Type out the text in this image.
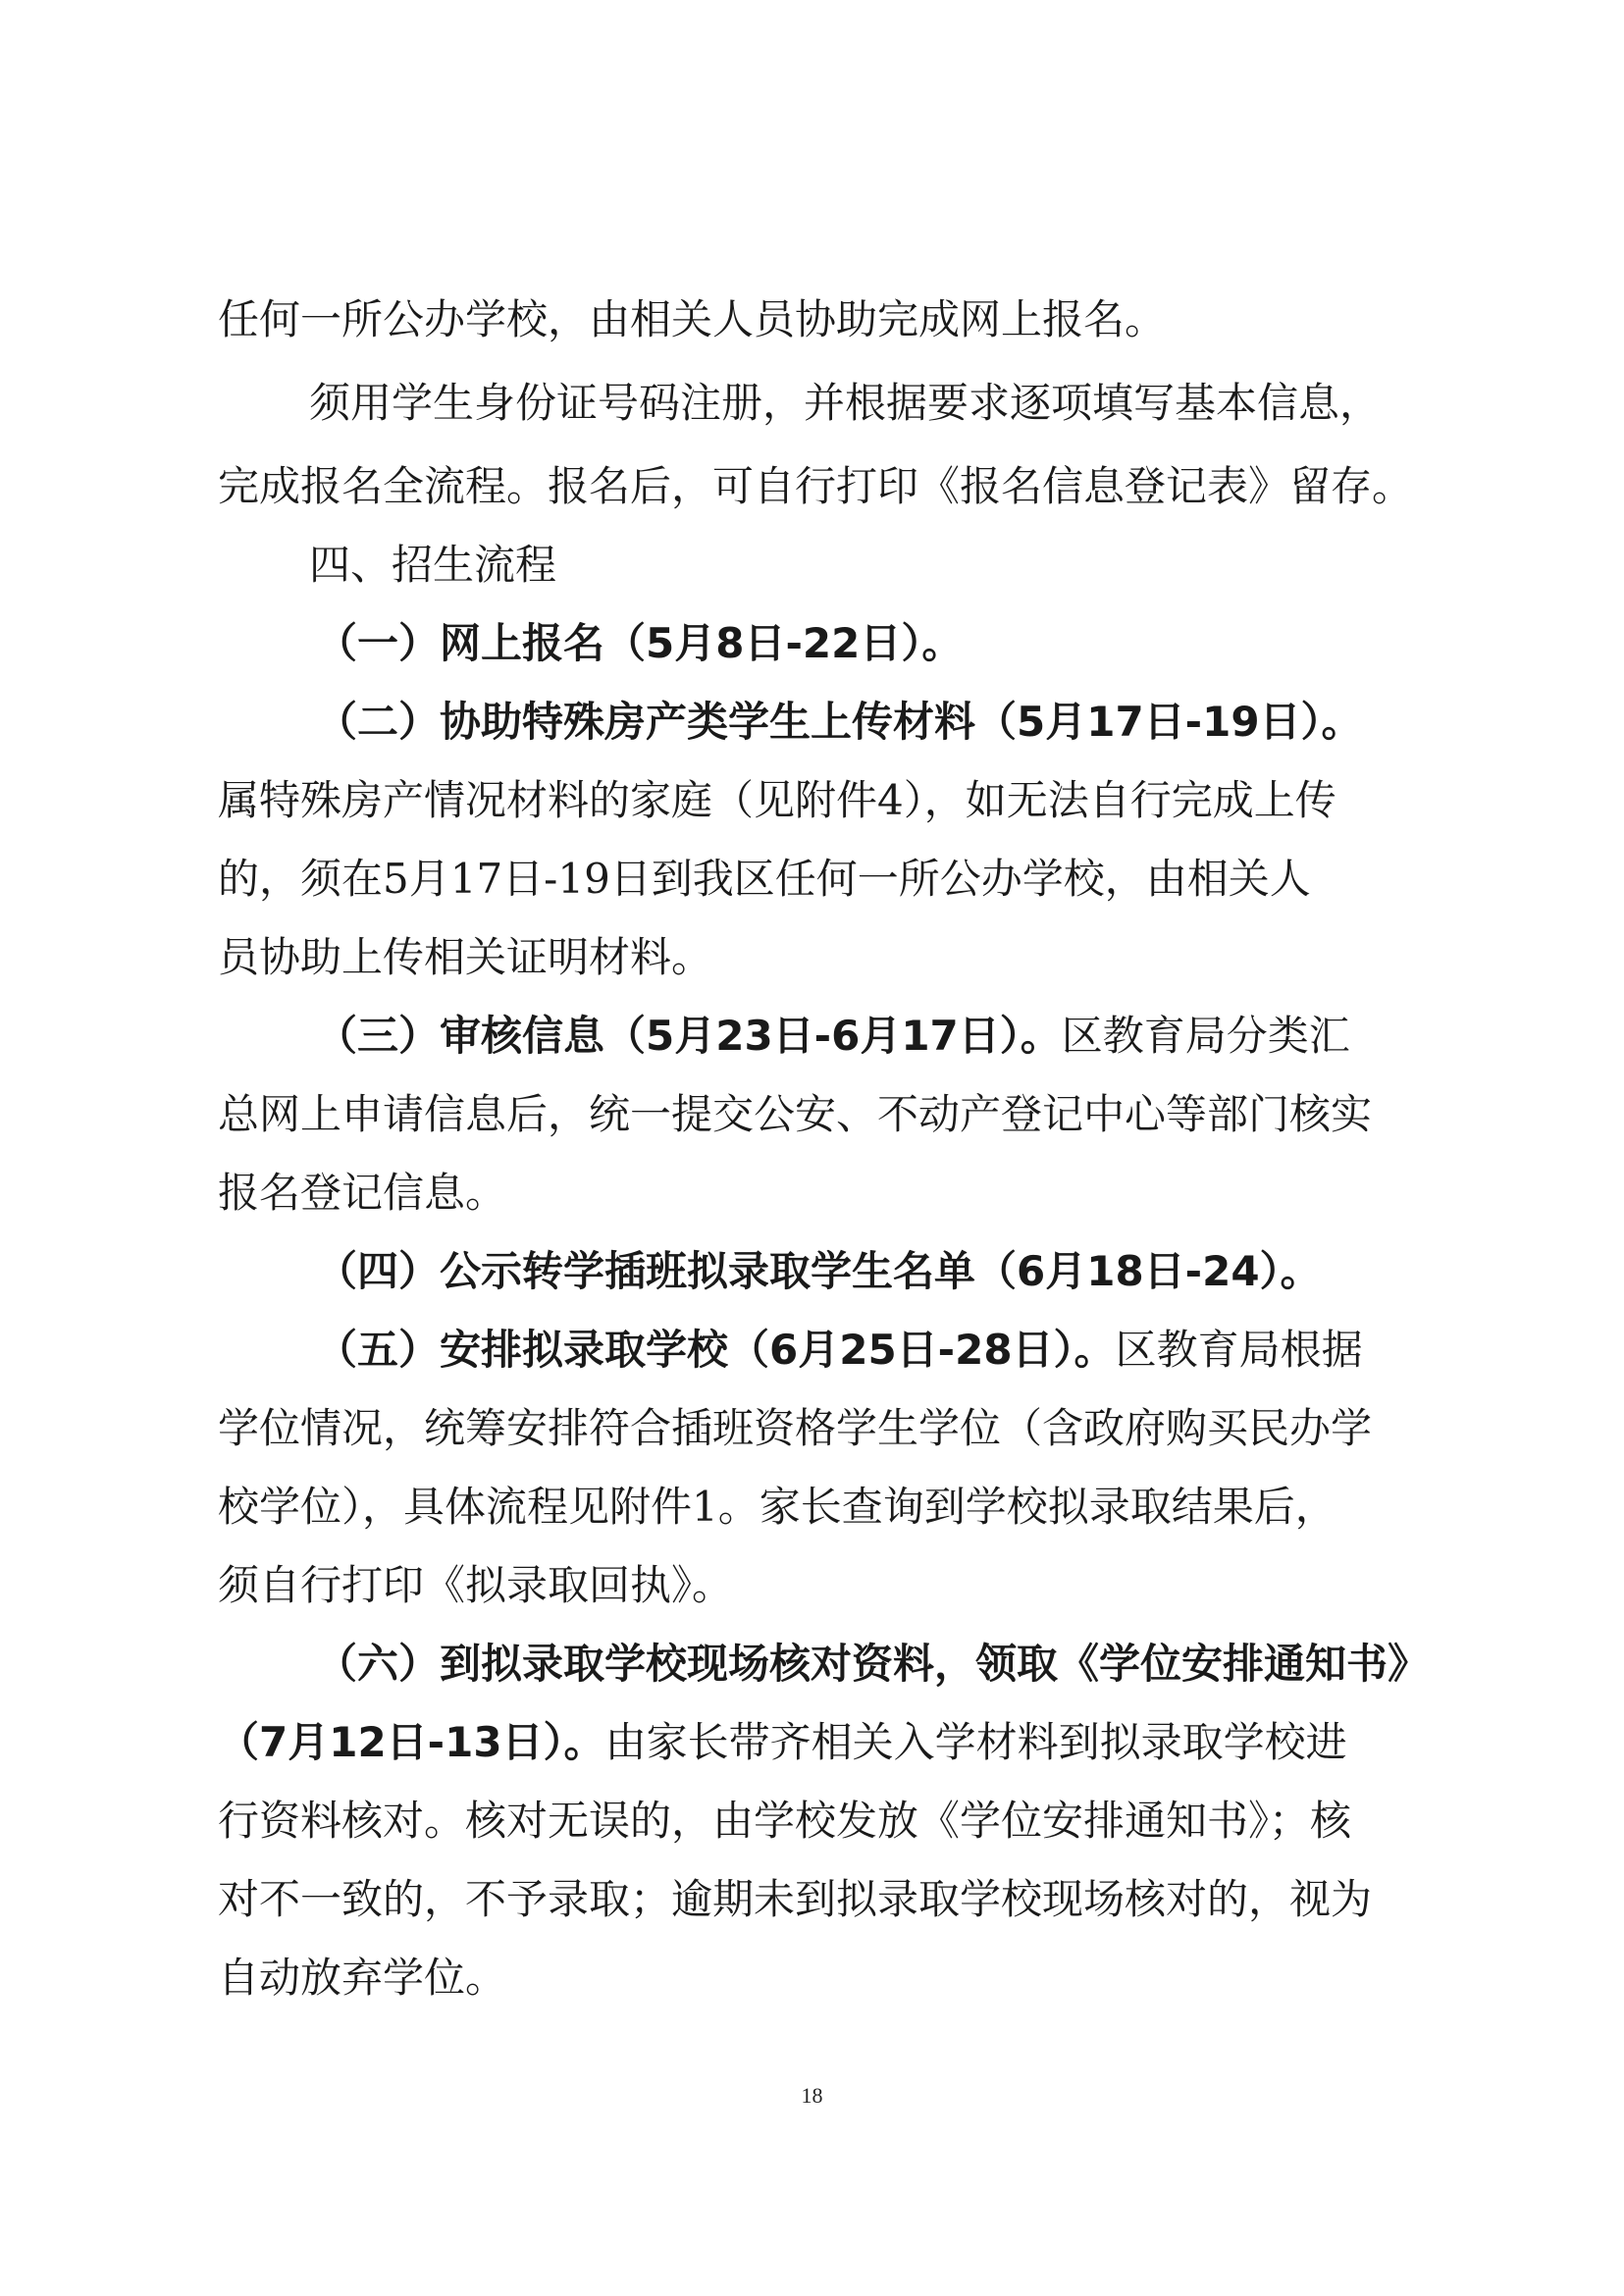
任何一所公办学校，由相关人员协助完成网上报名。
须用学生身份证号码注册，并根据要求逐项填写基本信息，
完成报名全流程。报名后，可自行打印《报名信息登记表》留存。
四、招生流程
（一）网上报名（5月8日-22日）。
（二）协助特殊房产类学生上传材料（5月17日-19日）。
属特殊房产情况材料的家庭（见附件4），如无法自行完成上传
的，须在5月17日-19日到我区任何一所公办学校，由相关人
员协助上传相关证明材料。
（三）审核信息（5月23日-6月17日）。区教育局分类汇
总网上申请信息后，统一提交公安、不动产登记中心等部门核实
报名登记信息。
（四）公示转学插班拟录取学生名单（6月18日-24）。
（五）安排拟录取学校（6月25日-28日）。区教育局根据
学位情况，统筹安排符合插班资格学生学位（含政府购买民办学
校学位），具体流程见附件1。家长查询到学校拟录取结果后，
须自行打印《拟录取回执》。
（六）到拟录取学校现场核对资料，领取《学位安排通知书》
（7月12日-13日）。由家长带齐相关入学材料到拟录取学校进
行资料核对。核对无误的，由学校发放《学位安排通知书》；核
对不一致的，不予录取；逾期未到拟录取学校现场核对的，视为
自动放弃学位。
18
